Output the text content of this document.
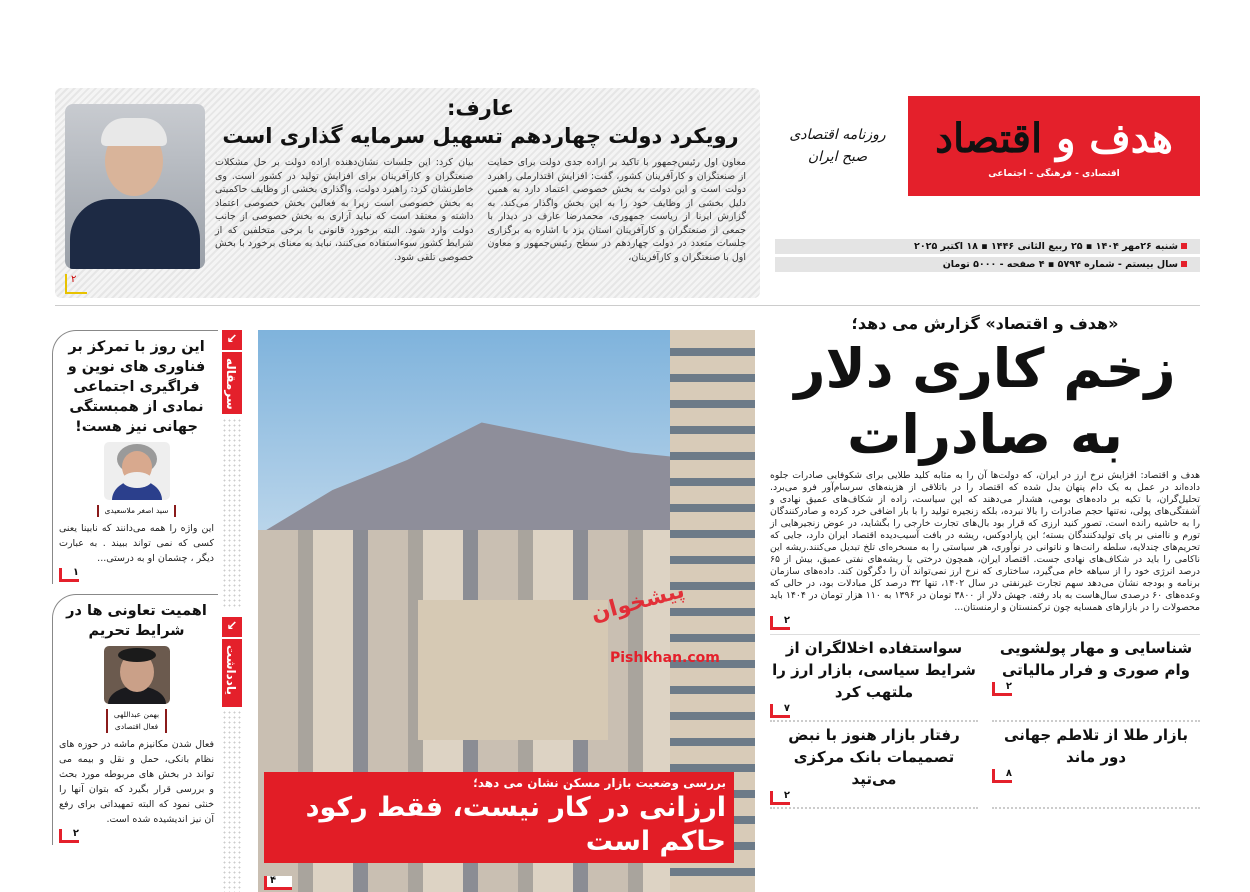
هدف و اقتصاد
اقتصادی - فرهنگی - اجتماعی
روزنامه اقتصادی
صبح ایران
شنبه ۲۶مهر ۱۴۰۴ ▪ ۲۵ ربیع الثانی ۱۴۴۶ ▪ ۱۸ اکتبر ۲۰۲۵
سال بیستم - شماره ۵۷۹۴ ▪ ۴ صفحه - ۵۰۰۰ تومان
۲
عارف:
رویکرد دولت چهاردهم تسهیل سرمایه گذاری است
معاون اول رئیس‌جمهور با تاکید بر اراده جدی دولت برای حمایت از صنعتگران و کارآفرینان کشور، گفت: افزایش اقتدارملی راهبرد دولت است و این دولت به بخش خصوصی اعتماد دارد به همین دلیل بخشی از وظایف خود را به این بخش واگذار می‌کند. به گزارش ایرنا از ریاست جمهوری، محمدرضا عارف در دیدار با جمعی از صنعتگران و کارآفرینان استان یزد با اشاره به برگزاری جلسات متعدد در دولت چهاردهم در سطح رئیس‌جمهور و معاون اول با صنعتگران و کارآفرینان،
بیان کرد: این جلسات نشان‌دهنده اراده دولت بر حل مشکلات صنعتگران و کارآفرینان برای افزایش تولید در کشور است. وی خاطرنشان کرد: راهبرد دولت، واگذاری بخشی از وظایف حاکمیتی به بخش خصوصی است زیرا به فعالین بخش خصوصی اعتماد داشته و معتقد است که نباید آزاری به بخش خصوصی از جانب دولت وارد شود. البته برخورد قانونی با برخی متخلفین که از شرایط کشور سوءاستفاده می‌کنند، نباید به معنای برخورد با بخش خصوصی تلقی شود.
«هدف و اقتصاد» گزارش می دهد؛
زخم کاری دلار
به صادرات
هدف و اقتصاد: افزایش نرخ ارز در ایران، که دولت‌ها آن را به مثابه کلید طلایی برای شکوفایی صادرات جلوه داده‌اند در عمل به یک دام پنهان بدل شده که اقتصاد را در باتلاقی از هزینه‌های سرسام‌آور فرو می‌برد. تحلیل‌گران، با تکیه بر داده‌های بومی، هشدار می‌دهند که این سیاست، زاده از شکاف‌های عمیق نهادی و آشفتگی‌های پولی، نه‌تنها حجم صادرات را بالا نبرده، بلکه زنجیره تولید را با بار اضافی خرد کرده و صادرکنندگان را به حاشیه رانده است. تصور کنید ارزی که قرار بود بال‌های تجارت خارجی را بگشاید، در عوض زنجیرهایی از تورم و ناامنی بر پای تولیدکنندگان بسته؛ این پارادوکس، ریشه در بافت آسیب‌دیده اقتصاد ایران دارد، جایی که تحریم‌های چندلایه، سلطه رانت‌ها و ناتوانی در نوآوری، هر سیاستی را به مسخره‌ای تلخ تبدیل می‌کنند.ریشه این ناکامی را باید در شکاف‌های نهادی جست. اقتصاد ایران، همچون درختی با ریشه‌های نفتی عمیق، بیش از ۶۵ درصد انرژی خود را از سیاهه خام می‌گیرد، ساختاری که نرخ ارز نمی‌تواند آن را دگرگون کند. داده‌های سازمان برنامه و بودجه نشان می‌دهد سهم تجارت غیرنفتی در سال ۱۴۰۲، تنها ۳۲ درصد کل مبادلات بود، در حالی که وعده‌های ۶۰ درصدی سال‌هاست به باد رفته. جهش دلار از ۳۸۰۰ تومان در ۱۳۹۶ به ۱۱۰ هزار تومان در ۱۴۰۴ باید محصولات را در بازارهای همسایه چون ترکمنستان و ارمنستان...
۲
شناسایی و مهار پولشویی وام صوری و فرار مالیاتی
۲
سواستفاده اخلالگران از شرایط سیاسی، بازار ارز را ملتهب کرد
۷
بازار طلا از تلاطم جهانی دور ماند
۸
رفتار بازار هنوز با نبض تصمیمات بانک مرکزی می‌تپد
۲
پیشخوان
Pishkhan.com
بررسی وضعیت بازار مسکن نشان می دهد؛
ارزانی در کار نیست، فقط رکود حاکم است
۴
↙
سرمقاله
↙
یادداشت
این روز با تمرکز بر فناوری های نوین و فراگیری اجتماعی نمادی از همبستگی جهانی نیز هست!
سید اصغر ملاسعیدی
این واژه را همه می‌دانند که نابینا یعنی کسی که نمی تواند ببیند . به عبارت دیگر ، چشمان او به درستی...
۱
اهمیت تعاونی ها در شرایط تحریم
بهمن عبداللهی
فعال اقتصادی
فعال شدن مکانیزم ماشه در حوزه های نظام بانکی، حمل و نقل و بیمه می تواند در بخش های مربوطه مورد بحث و بررسی قرار بگیرد که بتوان آنها را خنثی نمود که البته تمهیداتی برای رفع آن نیز اندیشیده شده است.
۲
